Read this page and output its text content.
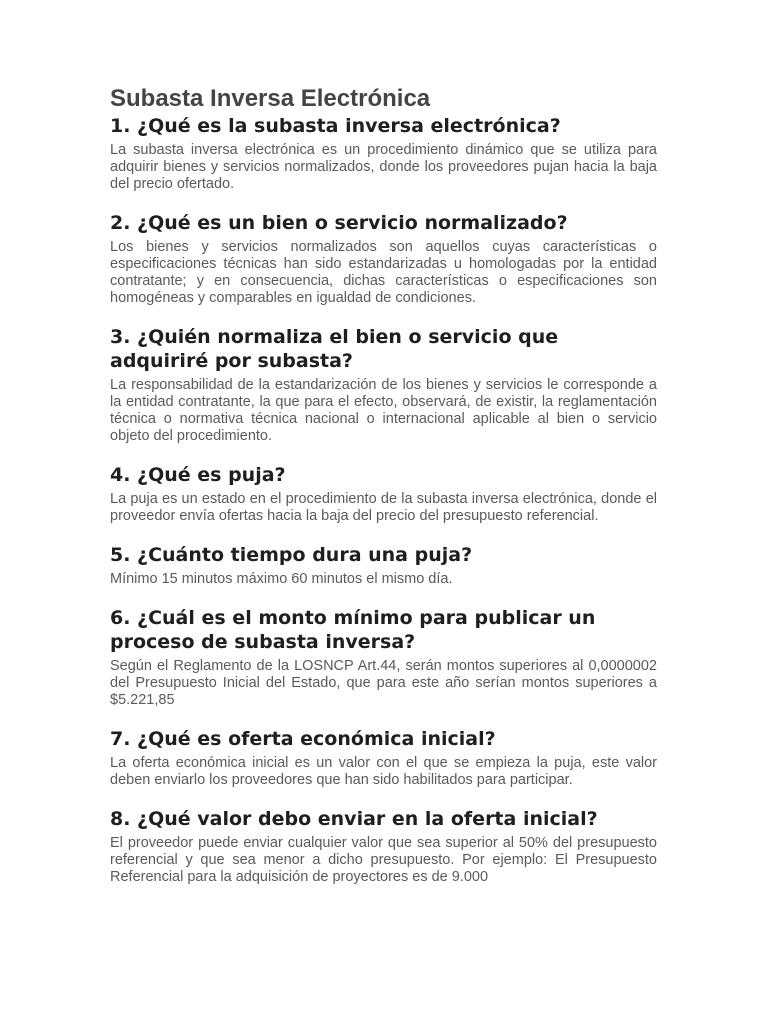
Subasta Inversa Electrónica
1. ¿Qué es la subasta inversa electrónica?

La subasta inversa electrónica es un procedimiento dinámico que se utiliza para adquirir bienes y servicios normalizados, donde los proveedores pujan hacia la baja del precio ofertado.

2. ¿Qué es un bien o servicio normalizado?

Los bienes y servicios normalizados son aquellos cuyas características o especificaciones técnicas han sido estandarizadas u homologadas por la entidad contratante; y en consecuencia, dichas características o especificaciones son homogéneas y comparables en igualdad de condiciones.

3. ¿Quién normaliza el bien o servicio que adquiriré por subasta?

La responsabilidad de la estandarización de los bienes y servicios le corresponde a la entidad contratante, la que para el efecto, observará, de existir, la reglamentación técnica o normativa técnica nacional o internacional aplicable al bien o servicio objeto del procedimiento.

4. ¿Qué es puja?

La puja es un estado en el procedimiento de la subasta inversa electrónica, donde el proveedor envía ofertas hacia la baja del precio del presupuesto referencial.

5. ¿Cuánto tiempo dura una puja?

Mínimo 15 minutos máximo 60 minutos el mismo día.

6. ¿Cuál es el monto mínimo para publicar un proceso de subasta inversa?

Según el Reglamento de la LOSNCP Art.44, serán montos superiores al 0,0000002 del Presupuesto Inicial del Estado, que para este año serían montos superiores a $5.221,85

7. ¿Qué es oferta económica inicial?

La oferta económica inicial es un valor con el que se empieza la puja, este valor deben enviarlo los proveedores que han sido habilitados para participar.

8. ¿Qué valor debo enviar en la oferta inicial?

El proveedor puede enviar cualquier valor que sea superior al 50% del presupuesto referencial y que sea menor a dicho presupuesto. Por ejemplo: El Presupuesto Referencial para la adquisición de proyectores es de 9.000
